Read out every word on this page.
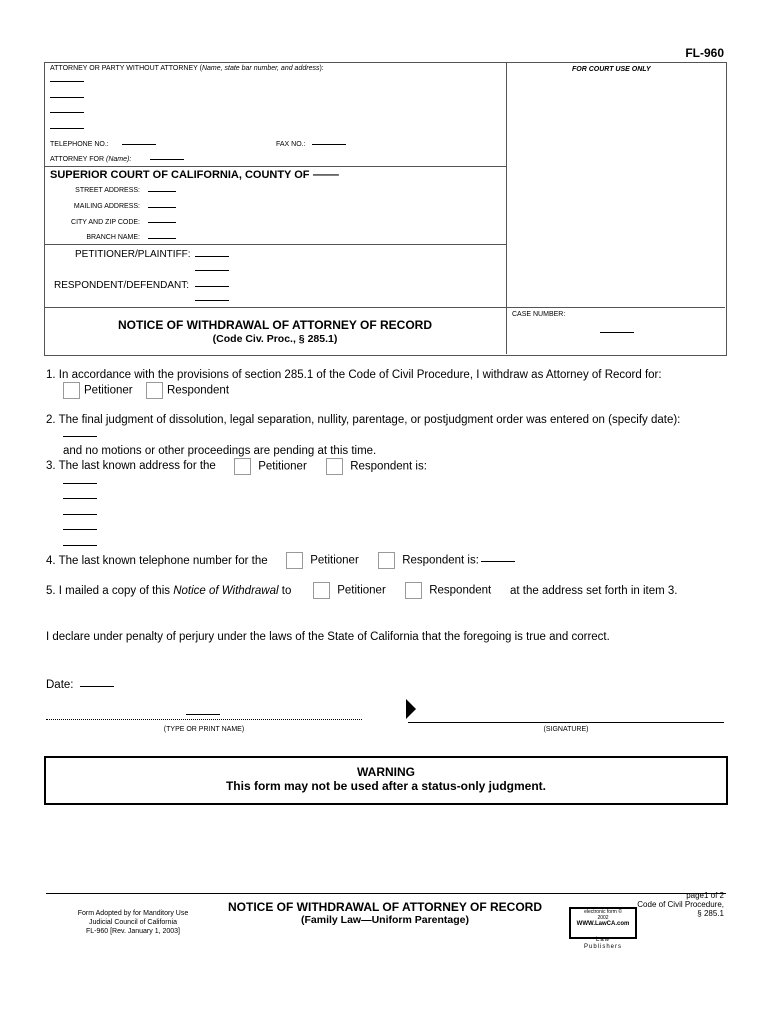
FL-960
ATTORNEY OR PARTY WITHOUT ATTORNEY (Name, state bar number, and address):	FOR COURT USE ONLY
TELEPHONE NO.:	FAX NO.:
ATTORNEY FOR (Name):
SUPERIOR COURT OF CALIFORNIA, COUNTY OF –––––
STREET ADDRESS:
MAILING ADDRESS:
CITY AND ZIP CODE:
BRANCH NAME:
PETITIONER/PLAINTIFF:
RESPONDENT/DEFENDANT:
NOTICE OF WITHDRAWAL OF ATTORNEY OF RECORD
(Code Civ. Proc., § 285.1)
CASE NUMBER:
1. In accordance with the provisions of section 285.1 of the Code of Civil Procedure, I withdraw as Attorney of Record for:
Petitioner	Respondent
2. The final judgment of dissolution, legal separation, nullity, parentage, or postjudgment order was entered on (specify date):
and no motions or other proceedings are pending at this time.
3. The last known address for the	Petitioner	Respondent is:
4. The last known telephone number for the	Petitioner	Respondent is:
5. I mailed a copy of this Notice of Withdrawal to	Petitioner	Respondent at the address set forth in item 3.
I declare under penalty of perjury under the laws of the State of California that the foregoing is true and correct.
Date:
(TYPE OR PRINT NAME)	(SIGNATURE)
WARNING
This form may not be used after a status-only judgment.
Form Adopted by for Manditory Use
Judicial Council of California
FL-960 [Rev. January 1, 2003]
NOTICE OF WITHDRAWAL OF ATTORNEY OF RECORD
(Family Law—Uniform Parentage)
electronic form ©
2002
WWW.LawCA.com
Law
Publishers
page1 of 2
Code of Civil Procedure,
§ 285.1
